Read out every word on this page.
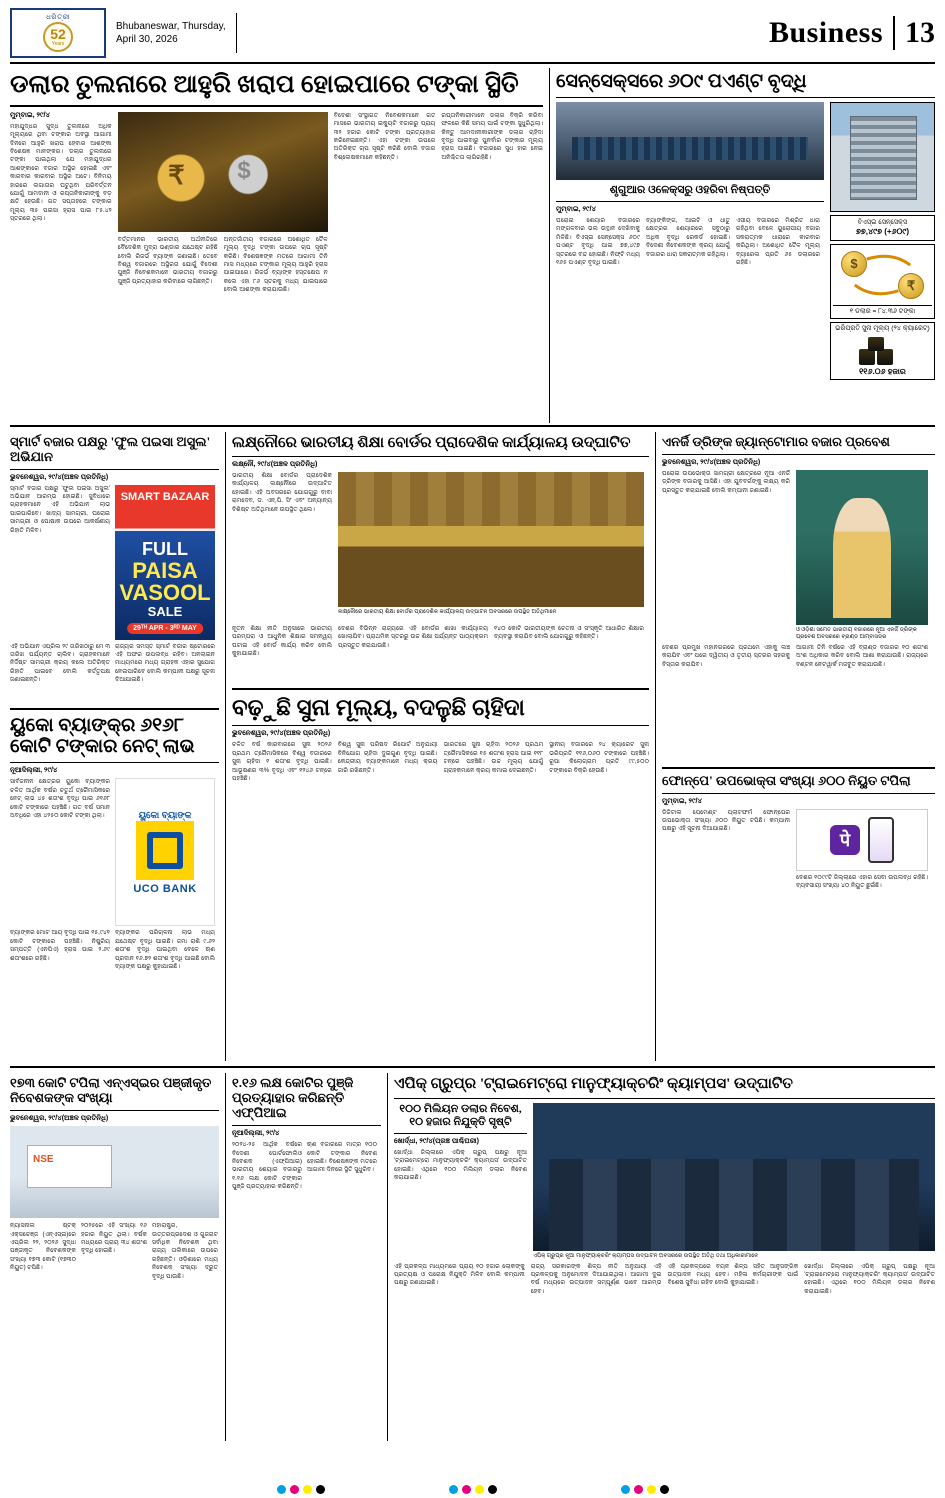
ଧରିତ୍ରୀ
52
Years
Bhubaneswar, Thursday,
April 30, 2026	Business 13
ଡଲାର ତୁଲନାରେ ଆହୁରି ଖରାପ ହୋଇପାରେ ଟଙ୍କା ସ୍ଥିତି
ମୁମ୍ବାଇ, ୨୯/୪
ମହାଯୁଦ୍ଧର ସୁଦ୍ଧ ତୁଲନାରେ ଅଧିକ ମୂଲ୍ୟରେ ଥିବା ଟଙ୍କାର ଅବସ୍ଥା ଆଗାମୀ ଦିନରେ ଆହୁରି ଖରାପ ହେବାର ଆଶଙ୍କା ବିଶେଷଜ୍ଞ ମାନଙ୍କର। ଡଲାର ତୁଲନାରେ ଟଙ୍କା ପାଇଥିଲା ଯେ ମହାଯୁଦ୍ଧର ଆଶଙ୍କାରେ ବଜାର ଅସ୍ଥିର ହୋଇଛି ଏବଂ କାରବାର କାରବାର ଅସ୍ଥିର ଅଟେ। ବିନିମୟ ହାରରେ ଲଗାତାର ଘଟୁଥିବା ପରିବର୍ତ୍ତନ ଯୋଗୁଁ ଆମଦାନୀ ଓ ରପ୍ତାନିକାରୀଙ୍କୁ ବଡ଼ କ୍ଷତି ହେଉଛି। ଗତ ସପ୍ତାହରେ ଟଙ୍କାର ମୂଲ୍ୟ ୩୫ ପଇସା ହ୍ରାସ ପାଇ ୮୫.୪୨ ସ୍ତରରେ ଥିଲା।
$ ₹
ବର୍ତ୍ତମାନର ଭାରତୀୟ ଅର୍ଥନୀତିରେ ବୈଦେଶିକ ମୁଦ୍ରା ଭଣ୍ଡାର ଯଥେଷ୍ଟ ରହିଛି ବୋଲି ରିଜର୍ଭ ବ୍ୟାଙ୍କ ଜଣାଇଛି। ତେବେ ବିଶ୍ୱ ବଜାରରେ ଅସ୍ଥିରତା ଯୋଗୁଁ ବିଦେଶୀ ପୁଞ୍ଜି ନିବେଶକମାନେ ଭାରତୀୟ ବଜାରରୁ ପୁଞ୍ଜି ପ୍ରତ୍ୟାହାର କରିବାରେ ଲାଗିଛନ୍ତି।
ଅନ୍ତର୍ଜାତୀୟ ବଜାରରେ ଅଶୋଧିତ ତୈଳ ମୂଲ୍ୟ ବୃଦ୍ଧି ଟଙ୍କା ଉପରେ ଚାପ ସୃଷ୍ଟି କରିଛି। ବିଶେଷଜ୍ଞଙ୍କ ମତରେ ଆଗାମୀ ତିନି ମାସ ମଧ୍ୟରେ ଟଙ୍କାର ମୂଲ୍ୟ ଆହୁରି ହ୍ରାସ ପାଇପାରେ। ରିଜର୍ଭ ବ୍ୟାଙ୍କ ହସ୍ତକ୍ଷେପ ନ କଲେ ଏହା ୮୬ ସ୍ତରକୁ ମଧ୍ୟ ଯାଇପାରେ ବୋଲି ଆଶଙ୍କା କରାଯାଉଛି।
ବିଦେଶୀ ସଂସ୍ଥାଗତ ନିବେଶକମାନେ ଗତ ମାସରେ ଭାରତୀୟ ଇକ୍ୟୁଟି ବଜାରରୁ ପ୍ରାୟ ୩୨ ହଜାର କୋଟି ଟଙ୍କା ପ୍ରତ୍ୟାହାର କରିନେଇଛନ୍ତି। ଏହା ଟଙ୍କା ଉପରେ ଅତିରିକ୍ତ ଚାପ ସୃଷ୍ଟି କରିଛି ବୋଲି ବଜାର ବିଶ୍ଲେଷକମାନେ କହିଛନ୍ତି।
ରପ୍ତାନିକାରୀମାନେ ଡଲାର ବିକ୍ରି କରିବା ଫଳରେ କିଛି ସମୟ ପାଇଁ ଟଙ୍କା ସୁଧୁରିଥିଲା। କିନ୍ତୁ ଆମଦାନୀକାରୀଙ୍କ ଡଲାର ଚାହିଦା ବୃଦ୍ଧି ପାଇବାରୁ ପୁନର୍ବାର ଟଙ୍କାର ମୂଲ୍ୟ ହ୍ରାସ ପାଇଛି। ବଜାରରେ ସୁଧ ହାର ନେଇ ଅନିଶ୍ଚିତତା ଲାଗିରହିଛି।
ସେନ୍‌ସେକ୍ସରେ ୬୦୯ ପଏଣ୍ଟ ବୃଦ୍ଧି
ଶୃଗୁଆର ଓଳେକ୍ସରୁ ଓହରିବା ନିଷ୍ପତ୍ତି
ମୁମ୍ବାଇ, ୨୯/୪
ଘରୋଇ ଶେୟାର ବଜାରରେ ମଙ୍ଗଳବାର ଭଲ ଉତ୍ଥାନ ଦେଖିବାକୁ ମିଳିଛି। ବିଏସ୍‌ଇ ସେନ୍‌ସେକ୍ସ ୬୦୯ ପଏଣ୍ଟ ବୃଦ୍ଧି ପାଇ ୭୭,୪୯୭ ସ୍ତରରେ ବନ୍ଦ ହୋଇଛି। ନିଫ୍ଟି ମଧ୍ୟ ୧୬୫ ପଏଣ୍ଟ ବୃଦ୍ଧି ପାଇଛି।
ବ୍ୟାଙ୍କିଙ୍ଗ, ଆଇଟି ଓ ଧାତୁ କ୍ଷେତ୍ରର ଶେୟାରରେ ସବୁଠାରୁ ଅଧିକ ବୃଦ୍ଧି ରେକର୍ଡ ହୋଇଛି। ବିଦେଶୀ ନିବେଶକଙ୍କ କ୍ରୟ ଯୋଗୁଁ ବଜାରର ଧାରା ସକରାତ୍ମକ ରହିଥିଲା।
ଏସୀୟ ବଜାରରେ ମିଶ୍ରିତ ଧାରା ରହିଥିବା ବେଳେ ୟୁରୋପୀୟ ବଜାର ସକରାତ୍ମକ ଧାରାରେ କାରବାର କରିଥିଲା। ଅଶୋଧିତ ତୈଳ ମୂଲ୍ୟ ବ୍ୟାରେଲ ପ୍ରତି ୬୫ ଡଲାରରେ ରହିଛି।
ବିଏସ୍‌ଇ ସେନ୍‌ସେକ୍ସ
୭୭,୪୯୭ (+୬୦୯)
$
₹
୧ ଡଲାର = ୮୪.୩୬ ଟଙ୍କା
ଭରିପ୍ରତି ସୁନା ମୂଲ୍ୟ (୨୪ କ୍ୟାରେଟ୍)
୧୧୬.୦୬ ହଜାର
ସ୍ମାର୍ଟ ବଜାର ପକ୍ଷରୁ 'ଫୁଲ ପଇସା ଅସୁଲ' ଅଭିଯାନ
ଭୁବନେଶ୍ୱର, ୨୯/୪(ଅଞ୍ଚଳ ପ୍ରତିନିଧି)
ସ୍ମାର୍ଟ ବଜାର ପକ୍ଷରୁ 'ଫୁଲ ପଇସା ଅସୁଲ' ଅଭିଯାନ ଆରମ୍ଭ ହୋଇଛି। ସୁବିଧାରେ ଗ୍ରାହକମାନେ ଏହି ଅଭିଯାନ ଲାଭ ପାଇପାରିବେ। ଖାଦ୍ୟ ସାମଗ୍ରୀ, ଘରୋଇ ସାମଗ୍ରୀ ଓ ପୋଷାକ ଉପରେ ଆକର୍ଷଣୀୟ ରିହାତି ମିଳିବ।
SMART BAZAAR
FULL
PAISA VASOOL
SALE
29ᵀᴴ APR - 3ᴿᴰ MAY
ଏହି ଅଭିଯାନ ଏପ୍ରିଲ ୨୯ ତାରିଖଠାରୁ ମେ ୩ ତାରିଖ ପର୍ଯ୍ୟନ୍ତ ଚାଲିବ। ଗ୍ରାହକମାନେ ନିର୍ଦ୍ଦିଷ୍ଟ ସାମଗ୍ରୀ କ୍ରୟ କଲେ ଅତିରିକ୍ତ ରିହାତି ପାଇବେ ବୋଲି କର୍ତ୍ତୃପକ୍ଷ ଜଣାଇଛନ୍ତି।
ରାଜ୍ୟର ସମସ୍ତ ସ୍ମାର୍ଟ ବଜାର ଷ୍ଟୋରରେ ଏହି ଅଫର ଉପଲବ୍ଧ ରହିବ। ଅନଲାଇନ ମାଧ୍ୟମରେ ମଧ୍ୟ ଗ୍ରାହକ ଏହାର ସୁଯୋଗ ନେଇପାରିବେ ବୋଲି କମ୍ପାନୀ ପକ୍ଷରୁ ସୂଚନା ଦିଆଯାଇଛି।
ୟୁକୋ ବ୍ୟାଙ୍କ୍‌ର ୬୧୬୮ କୋଟି ଟଙ୍କାର ନେଟ୍ ଲାଭ
ନୂଆଦିଲ୍ଲୀ, ୨୯/୪
ସାର୍ବଜନୀନ କ୍ଷେତ୍ରର ୟୁକୋ ବ୍ୟାଙ୍କର ଚଳିତ ଆର୍ଥିକ ବର୍ଷର ଚତୁର୍ଥ ତ୍ରୈମାସିକରେ ନେଟ୍ ଲାଭ ୪୫ ଶତାଂଶ ବୃଦ୍ଧି ପାଇ ୬୧୬୮ କୋଟି ଟଙ୍କାରେ ପହଞ୍ଚିଛି। ଗତ ବର୍ଷ ସମାନ ଅବଧିରେ ଏହା ୪୨୫୦ କୋଟି ଟଙ୍କା ଥିଲା।	ୟୁକୋ ବ୍ୟାଙ୍କ
UCO BANK
ବ୍ୟାଙ୍କର ମୋଟ ଆୟ ବୃଦ୍ଧି ପାଇ ୧୫,୯୪୧ କୋଟି ଟଙ୍କାରେ ପହଞ୍ଚିଛି। ନିଷ୍କ୍ରିୟ ସମ୍ପତ୍ତି (ଏନପିଏ) ହ୍ରାସ ପାଇ ୨.୬୯ ଶତାଂଶରେ ରହିଛି।
ବ୍ୟାଙ୍କର ପରିଚାଳନା ଲାଭ ମଧ୍ୟ ଯଥେଷ୍ଟ ବୃଦ୍ଧି ପାଇଛି। ଜମା ରାଶି ୯.୬୨ ଶତାଂଶ ବୃଦ୍ଧି ପାଇଥିବା ବେଳେ ଋଣ ପ୍ରଦାନ ୧୬.୭୨ ଶତାଂଶ ବୃଦ୍ଧି ପାଇଛି ବୋଲି ବ୍ୟାଙ୍କ ପକ୍ଷରୁ କୁହାଯାଇଛି।
ଲକ୍ଷ୍ନୌରେ ଭାରତୀୟ ଶିକ୍ଷା ବୋର୍ଡର ପ୍ରାଦେଶିକ କାର୍ଯ୍ୟାଳୟ ଉଦ୍‌ଘାଟିତ
ଲକ୍ଷ୍ନୌ, ୨୯/୪(ଅଞ୍ଚଳ ପ୍ରତିନିଧି)
ଭାରତୀୟ ଶିକ୍ଷା ବୋର୍ଡର ପ୍ରାଦେଶିକ କାର୍ଯ୍ୟାଳୟ ଲକ୍ଷ୍ନୌରେ ଉଦ୍‌ଘାଟିତ ହୋଇଛି। ଏହି ଅବସରରେ ଯୋଗଗୁରୁ ବାବା ରାମଦେବ, ଡ. ଏନ୍‌.ପି. ସିଂ ଏବଂ ଅନ୍ୟାନ୍ୟ ବିଶିଷ୍ଟ ଅତିଥିମାନେ ଉପସ୍ଥିତ ଥିଲେ।
ଲକ୍ଷ୍ନୌରେ ଭାରତୀୟ ଶିକ୍ଷା ବୋର୍ଡର ପ୍ରାଦେଶିକ କାର୍ଯ୍ୟାଳୟ ଉଦ୍‌ଘାଟନ ଅବସରରେ ଉପସ୍ଥିତ ଅତିଥିମାନେ
ନୂତନ ଶିକ୍ଷା ନୀତି ଅନୁସାରେ ଭାରତୀୟ ପରମ୍ପରା ଓ ଆଧୁନିକ ଶିକ୍ଷାର ସମନ୍ୱୟ ଘଟାଇ ଏହି ବୋର୍ଡ କାର୍ଯ୍ୟ କରିବ ବୋଲି କୁହାଯାଇଛି।
ଦେଶର ବିଭିନ୍ନ ରାଜ୍ୟରେ ଏହି ବୋର୍ଡର ଶାଖା କାର୍ଯ୍ୟାଳୟ ଖୋଲାଯିବ। ପ୍ରାଥମିକ ସ୍ତରରୁ ଉଚ୍ଚ ଶିକ୍ଷା ପର୍ଯ୍ୟନ୍ତ ପାଠ୍ୟକ୍ରମ ପ୍ରସ୍ତୁତ କରାଯାଉଛି।
୧୪୦ କୋଟି ଭାରତୀୟଙ୍କ ଚେତନା ଓ ସଂସ୍କୃତି ଆଧାରିତ ଶିକ୍ଷାର ବ୍ୟବସ୍ଥା କରାଯିବ ବୋଲି ଯୋଗଗୁରୁ କହିଛନ୍ତି।
ବଢ଼ୁଛି ସୁନା ମୂଲ୍ୟ, ବଦଳୁଛି ଚାହିଦା
ଭୁବନେଶ୍ୱର, ୨୯/୪(ଅଞ୍ଚଳ ପ୍ରତିନିଧି)
ଚଳିତ ବର୍ଷ କାରବାରରେ ସୁନା ୨୦୨୬ ପ୍ରଥମ ତ୍ରୈମାସିକରେ ବିଶ୍ୱ ବଜାରରେ ସୁନା ଚାହିଦା ୧ ଶତାଂଶ ବୃଦ୍ଧି ପାଇଛି। ଆଭୂଷଣର ୩% ବୃଦ୍ଧି ଏବଂ ୧୨୪୬ ଟନ୍‌ରେ ପହଞ୍ଚିଛି।
ବିଶ୍ୱ ସୁନା ପରିଷଦ ରିପୋର୍ଟ ଅନୁଯାୟୀ ବିନିଯୋଗ ଚାହିଦା ଦୁଇଗୁଣ ବୃଦ୍ଧି ପାଇଛି। କେନ୍ଦ୍ରୀୟ ବ୍ୟାଙ୍କମାନେ ମଧ୍ୟ କ୍ରୟ ଜାରି ରଖିଛନ୍ତି।
ଭାରତରେ ସୁନା ଚାହିଦା ୨୦୨୬ ପ୍ରଥମ ତ୍ରୈମାସିକରେ ୧୫ ଶତାଂଶ ହ୍ରାସ ପାଇ ୧୧୮ ଟନ୍‌ରେ ପହଞ୍ଚିଛି। ଉଚ୍ଚ ମୂଲ୍ୟ ଯୋଗୁଁ ଗ୍ରାହକମାନେ କ୍ରୟ କମାଇ ଦେଇଛନ୍ତି।
ସ୍ଥାନୀୟ ବଜାରରେ ୨୪ କ୍ୟାରେଟ ସୁନା ଭରିପ୍ରତି ୧୧୬,୦୬୦ ଟଙ୍କାରେ ପହଞ୍ଚିଛି। ରୂପା କିଲୋଗ୍ରାମ ପ୍ରତି ୯୯,୫୦୦ ଟଙ୍କାରେ ବିକ୍ରି ହେଉଛି।
ଏନର୍ଜି ଡ୍ରିଙ୍କ ଜ୍ୟାନ୍‌ଟୋମାର ବଜାର ପ୍ରବେଶ
ଭୁବନେଶ୍ୱର, ୨୯/୪(ଅଞ୍ଚଳ ପ୍ରତିନିଧି)
ଘରୋଇ ଉପଭୋକ୍ତା ସାମଗ୍ରୀ କ୍ଷେତ୍ରରେ ନୂଆ ଏନର୍ଜି ଡ୍ରିଙ୍କ ବଜାରକୁ ଆସିଛି। ଏହା ଯୁବବର୍ଗଙ୍କୁ ଲକ୍ଷ୍ୟ କରି ପ୍ରସ୍ତୁତ କରାଯାଇଛି ବୋଲି କମ୍ପାନୀ ଜଣାଇଛି।
ଓ ଓଡ଼ିଶା ସମେତ ଭାରତୀୟ ବଜାରରେ ନୂଆ ଏନର୍ଜି ଡ୍ରିଙ୍କ ପ୍ରବେଶ ଅବସରରେ ବ୍ରାଣ୍ଡ ଆମ୍ବାସଡର
ଦେଶର ପ୍ରମୁଖ ମହାନଗରରେ ପ୍ରଥମେ ଏହାକୁ ଲଞ୍ଚ କରାଯିବ ଏବଂ ପରେ ଦ୍ୱିତୀୟ ଓ ତୃତୀୟ ସ୍ତରର ସହରକୁ ବିସ୍ତାର କରାଯିବ।
ଆଗାମୀ ତିନି ବର୍ଷରେ ଏହି ବ୍ରାଣ୍ଡ ବଜାରର ୧୦ ଶତାଂଶ ଅଂଶ ଅଧିକାର କରିବ ବୋଲି ଆଶା କରାଯାଉଛି। ରାଜ୍ୟରେ ବଣ୍ଟନ ନେଟୱାର୍କ ମଜବୁତ କରାଯାଉଛି।
ଫୋନ୍‌ପେ' ଉପଭୋକ୍ତା ସଂଖ୍ୟା ୬୦୦ ନିୟୁତ ଟପିଲା
ମୁମ୍ବାଇ, ୨୯/୪
ଡିଜିଟାଲ ପେମେଣ୍ଟ ପ୍ଲାଟଫର୍ମ ଫୋନ୍‌ପେର ଉପଭୋକ୍ତା ସଂଖ୍ୟା ୬୦୦ ନିୟୁତ ଟପିଛି। କମ୍ପାନୀ ପକ୍ଷରୁ ଏହି ସୂଚନା ଦିଆଯାଇଛି।
पे
ଦେଶର ୧୦୯୯ଟି ଜିଲ୍ଲାରେ ଏହାର ସେବା ଉପଲବ୍ଧ ରହିଛି। ବ୍ୟବସାୟୀ ସଂଖ୍ୟା ୪୦ ନିୟୁତ ଛୁଇଁଛି।
୧୭୩ କୋଟି ଟପିଲା ଏନ୍‌ଏସ୍‌ଇର ପଞ୍ଜୀକୃତ ନିବେଶକଙ୍କ ସଂଖ୍ୟା
ଭୁବନେଶ୍ୱର, ୨୯/୪(ଅଞ୍ଚଳ ପ୍ରତିନିଧି)
NSE
ନ୍ୟାସନାଲ ଷ୍ଟକ୍ ଏକ୍ସଚେଞ୍ଜ (ଏନ୍‌ଏସ୍‌ଇ)ରେ ଏପ୍ରିଲ ୨୨, ୨୦୨୬ ସୁଦ୍ଧା ପଞ୍ଜୀକୃତ ନିବେଶକଙ୍କ ସଂଖ୍ୟା ୧୭୩ କୋଟି (୧୭୩୦ ନିୟୁତ) ଟପିଛି।
୨୦୨୫ରେ ଏହି ସଂଖ୍ୟା ୧୬ ହଜାର ନିୟୁତ ଥିଲା। ବର୍ଷକ ମଧ୍ୟରେ ପ୍ରାୟ ୩୪ ଶତାଂଶ ବୃଦ୍ଧି ହୋଇଛି।
ମହାରାଷ୍ଟ୍ର, ଉତ୍ତରପ୍ରଦେଶ ଓ ଗୁଜରାଟ ସର୍ବାଧିକ ନିବେଶକ ଥିବା ରାଜ୍ୟ ତାଲିକାରେ ଉପରେ ରହିଛନ୍ତି। ଓଡ଼ିଶାରେ ମଧ୍ୟ ନିବେଶକ ସଂଖ୍ୟା ଦ୍ରୁତ ବୃଦ୍ଧି ପାଉଛି।
୧.୧୬ ଲକ୍ଷ କୋଟିର ପୁଞ୍ଜି ପ୍ରତ୍ୟାହାର କରିଛନ୍ତି ଏଫ୍‌ପିଆଇ
ନୂଆଦିଲ୍ଲୀ, ୨୯/୪
୨୦୨୪-୨୫ ଆର୍ଥିକ ବର୍ଷରେ ବିଦେଶୀ ପୋର୍ଟଫୋଲିଓ ନିବେଶକ (ଏଫ୍‌ପିଆଇ) ଭାରତୀୟ ଶେୟାର ବଜାରରୁ ୧.୧୬ ଲକ୍ଷ କୋଟି ଟଙ୍କାର ପୁଞ୍ଜି ପ୍ରତ୍ୟାହାର କରିଛନ୍ତି।
ଋଣ ବଜାରରେ ମାତ୍ର ୧୦୦ କୋଟି ଟଙ୍କାର ନିବେଶ ହୋଇଛି। ବିଶେଷଜ୍ଞଙ୍କ ମତରେ ଆଗାମୀ ଦିନରେ ସ୍ଥିତି ସୁଧୁରିବ।
ଏପିକ୍ ଗ୍ରୁପ୍‌ର 'ଟ୍ରାଇମେଟ୍ରୋ ମାନୁଫ୍ୟାକ୍ଚରିଂ କ୍ୟାମ୍ପସ' ଉଦ୍‌ଘାଟିତ
୧୦୦ ମିଲିୟନ ଡଲାର ନିବେଶ, ୧୦ ହଜାର ନିଯୁକ୍ତି ସୃଷ୍ଟି
ଖୋର୍ଦ୍ଧା, ୨୯/୪(ପ୍ରଞ୍ଚ ପାଶ୍ଚିଘରୀ)
ଖୋର୍ଦ୍ଧା ଜିଲ୍ଲାରେ ଏପିକ୍ ଗ୍ରୁପ୍ ପକ୍ଷରୁ ନୂଆ 'ଟ୍ରାଇମେଟ୍ରୋ ମାନୁଫ୍ୟାକ୍ଚରିଂ କ୍ୟାମ୍ପସ' ଉଦ୍‌ଘାଟିତ ହୋଇଛି। ଏଥିରେ ୧୦୦ ମିଲିୟନ ଡଲାର ନିବେଶ କରାଯାଇଛି।
ଏପିକ୍ ଗ୍ରୁପ୍‌ର ନୂଆ ମାନୁଫ୍ୟାକ୍ଚରିଂ କ୍ୟାମ୍ପସ ଉଦ୍‌ଘାଟନ ଅବସରରେ ଉପସ୍ଥିତ ଅତିଥି ତଥା ଅଧିକାରୀମାନେ
ଏହି ପ୍ରକଳ୍ପ ମାଧ୍ୟମରେ ପ୍ରାୟ ୧୦ ହଜାର ଲୋକଙ୍କୁ ପ୍ରତ୍ୟକ୍ଷ ଓ ପରୋକ୍ଷ ନିଯୁକ୍ତି ମିଳିବ ବୋଲି କମ୍ପାନୀ ପକ୍ଷରୁ ଜଣାଯାଇଛି।
ରାଜ୍ୟ ସରକାରଙ୍କ ଶିଳ୍ପ ନୀତି ଅନୁଯାୟୀ ଏହି ପ୍ରକଳ୍ପକୁ ଅନୁମୋଦନ ଦିଆଯାଇଥିଲା। ଆଗାମୀ ଦୁଇ ବର୍ଷ ମଧ୍ୟରେ ଉତ୍ପାଦନ ସମ୍ପୂର୍ଣ୍ଣ ଭାବେ ଆରମ୍ଭ ହେବ।
ଏହି ପ୍ରକଳ୍ପରେ ବୟନ ଶିଳ୍ପ ସହିତ ଆନୁସଙ୍ଗିକ ଉତ୍ପାଦନ ମଧ୍ୟ ହେବ। ମହିଳା କର୍ମଚାରୀଙ୍କ ପାଇଁ ବିଶେଷ ସୁବିଧା ରହିବ ବୋଲି କୁହାଯାଇଛି।
ଖୋର୍ଦ୍ଧା ଜିଲ୍ଲାରେ ଏପିକ୍ ଗ୍ରୁପ୍ ପକ୍ଷରୁ ନୂଆ 'ଟ୍ରାଇମେଟ୍ରୋ ମାନୁଫ୍ୟାକ୍ଚରିଂ କ୍ୟାମ୍ପସ' ଉଦ୍‌ଘାଟିତ ହୋଇଛି। ଏଥିରେ ୧୦୦ ମିଲିୟନ ଡଲାର ନିବେଶ କରାଯାଇଛି।
